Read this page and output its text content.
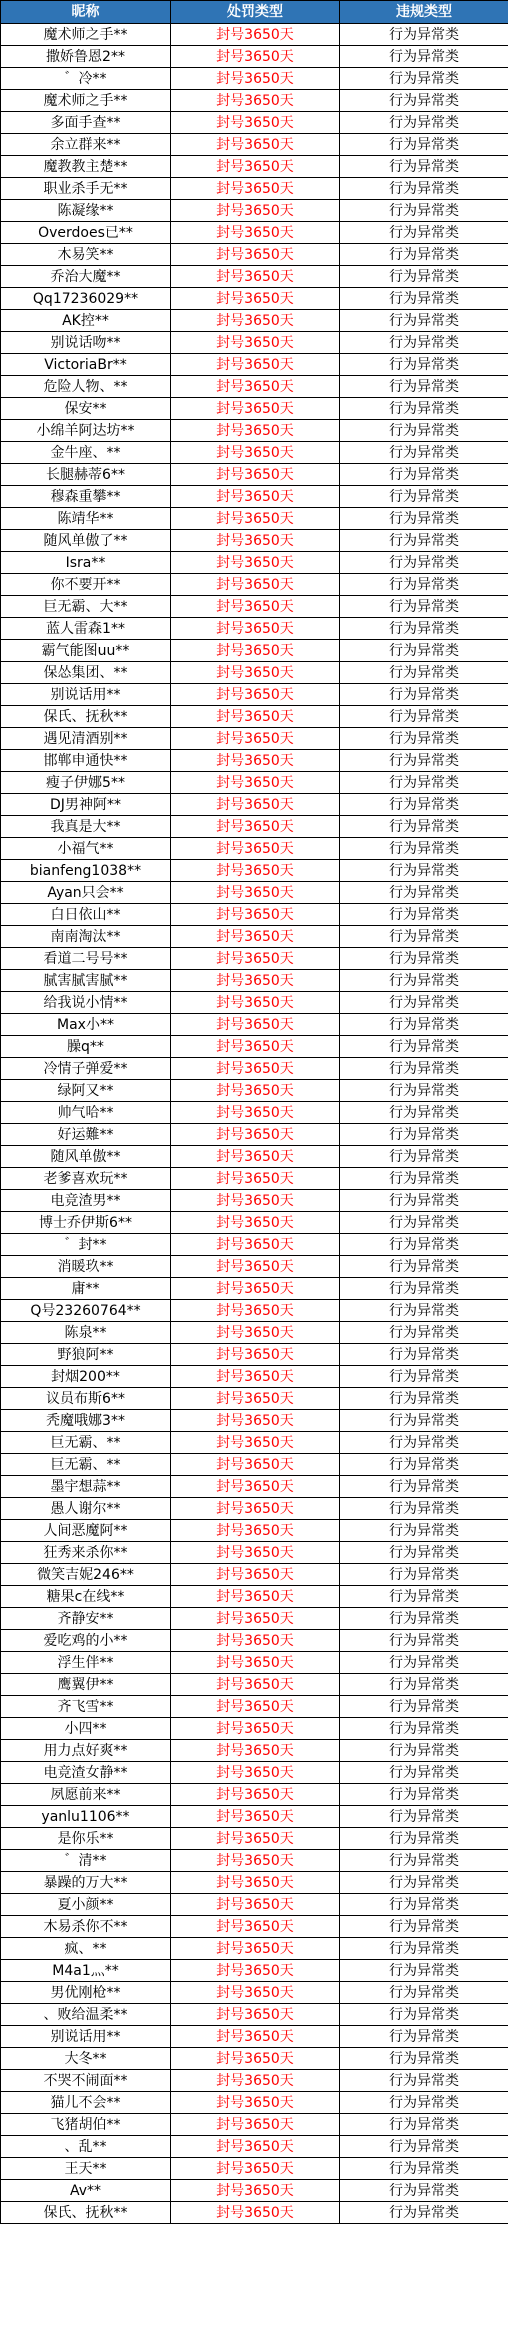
昵称	处罚类型	违规类型
魔术师之手**	封号3650天	行为异常类
撒娇鲁恩2**	封号3650天	行为异常类
゛冷**	封号3650天	行为异常类
魔术师之手**	封号3650天	行为异常类
多面手查**	封号3650天	行为异常类
余立群来**	封号3650天	行为异常类
魔教教主楚**	封号3650天	行为异常类
职业杀手无**	封号3650天	行为异常类
陈凝缘**	封号3650天	行为异常类
Overdoes已**	封号3650天	行为异常类
木易笑**	封号3650天	行为异常类
乔治大魔**	封号3650天	行为异常类
Qq17236029**	封号3650天	行为异常类
AK控**	封号3650天	行为异常类
别说话吻**	封号3650天	行为异常类
VictoriaBr**	封号3650天	行为异常类
危险人物、**	封号3650天	行为异常类
保安**	封号3650天	行为异常类
小绵羊阿达坊**	封号3650天	行为异常类
金牛座、**	封号3650天	行为异常类
长腿赫蒂6**	封号3650天	行为异常类
穆森重攀**	封号3650天	行为异常类
陈靖华**	封号3650天	行为异常类
随风单傲了**	封号3650天	行为异常类
Isra**	封号3650天	行为异常类
你不要开**	封号3650天	行为异常类
巨无霸、大**	封号3650天	行为异常类
蓝人雷森1**	封号3650天	行为异常类
霸气能图uu**	封号3650天	行为异常类
保怂集团、**	封号3650天	行为异常类
别说话用**	封号3650天	行为异常类
保氏、抚秋**	封号3650天	行为异常类
遇见清酒别**	封号3650天	行为异常类
邯郸申通快**	封号3650天	行为异常类
瘦子伊娜5**	封号3650天	行为异常类
DJ男神阿**	封号3650天	行为异常类
我真是大**	封号3650天	行为异常类
小福气**	封号3650天	行为异常类
bianfeng1038**	封号3650天	行为异常类
Ayan只会**	封号3650天	行为异常类
白日依山**	封号3650天	行为异常类
南南淘汰**	封号3650天	行为异常类
看道二号号**	封号3650天	行为异常类
腻害腻害腻**	封号3650天	行为异常类
给我说小情**	封号3650天	行为异常类
Max小**	封号3650天	行为异常类
臊q**	封号3650天	行为异常类
冷情子弹爱**	封号3650天	行为异常类
绿阿又**	封号3650天	行为异常类
帅气哈**	封号3650天	行为异常类
好运難**	封号3650天	行为异常类
随风单傲**	封号3650天	行为异常类
老爹喜欢玩**	封号3650天	行为异常类
电竞渣男**	封号3650天	行为异常类
博士乔伊斯6**	封号3650天	行为异常类
゛封**	封号3650天	行为异常类
消暖玖**	封号3650天	行为异常类
庸**	封号3650天	行为异常类
Q号23260764**	封号3650天	行为异常类
陈泉**	封号3650天	行为异常类
野狼阿**	封号3650天	行为异常类
封烟200**	封号3650天	行为异常类
议员布斯6**	封号3650天	行为异常类
秃魔哦娜3**	封号3650天	行为异常类
巨无霸、**	封号3650天	行为异常类
巨无霸、**	封号3650天	行为异常类
墨宇想蒜**	封号3650天	行为异常类
愚人谢尔**	封号3650天	行为异常类
人间恶魔阿**	封号3650天	行为异常类
狂秀来杀你**	封号3650天	行为异常类
微笑吉妮246**	封号3650天	行为异常类
糖果c在线**	封号3650天	行为异常类
齐静安**	封号3650天	行为异常类
爱吃鸡的小**	封号3650天	行为异常类
浮生伴**	封号3650天	行为异常类
鹰翼伊**	封号3650天	行为异常类
齐飞雪**	封号3650天	行为异常类
小四**	封号3650天	行为异常类
用力点好爽**	封号3650天	行为异常类
电竞渣女静**	封号3650天	行为异常类
夙愿前来**	封号3650天	行为异常类
yanlu1106**	封号3650天	行为异常类
是你乐**	封号3650天	行为异常类
゛清**	封号3650天	行为异常类
暴躁的万大**	封号3650天	行为异常类
夏小颜**	封号3650天	行为异常类
木易杀你不**	封号3650天	行为异常类
疯、**	封号3650天	行为异常类
M4a1灬**	封号3650天	行为异常类
男优刚枪**	封号3650天	行为异常类
、败给温柔**	封号3650天	行为异常类
别说话用**	封号3650天	行为异常类
大冬**	封号3650天	行为异常类
不哭不闹面**	封号3650天	行为异常类
猫儿不会**	封号3650天	行为异常类
飞猪胡伯**	封号3650天	行为异常类
、乱**	封号3650天	行为异常类
王天**	封号3650天	行为异常类
Av**	封号3650天	行为异常类
保氏、抚秋**	封号3650天	行为异常类
